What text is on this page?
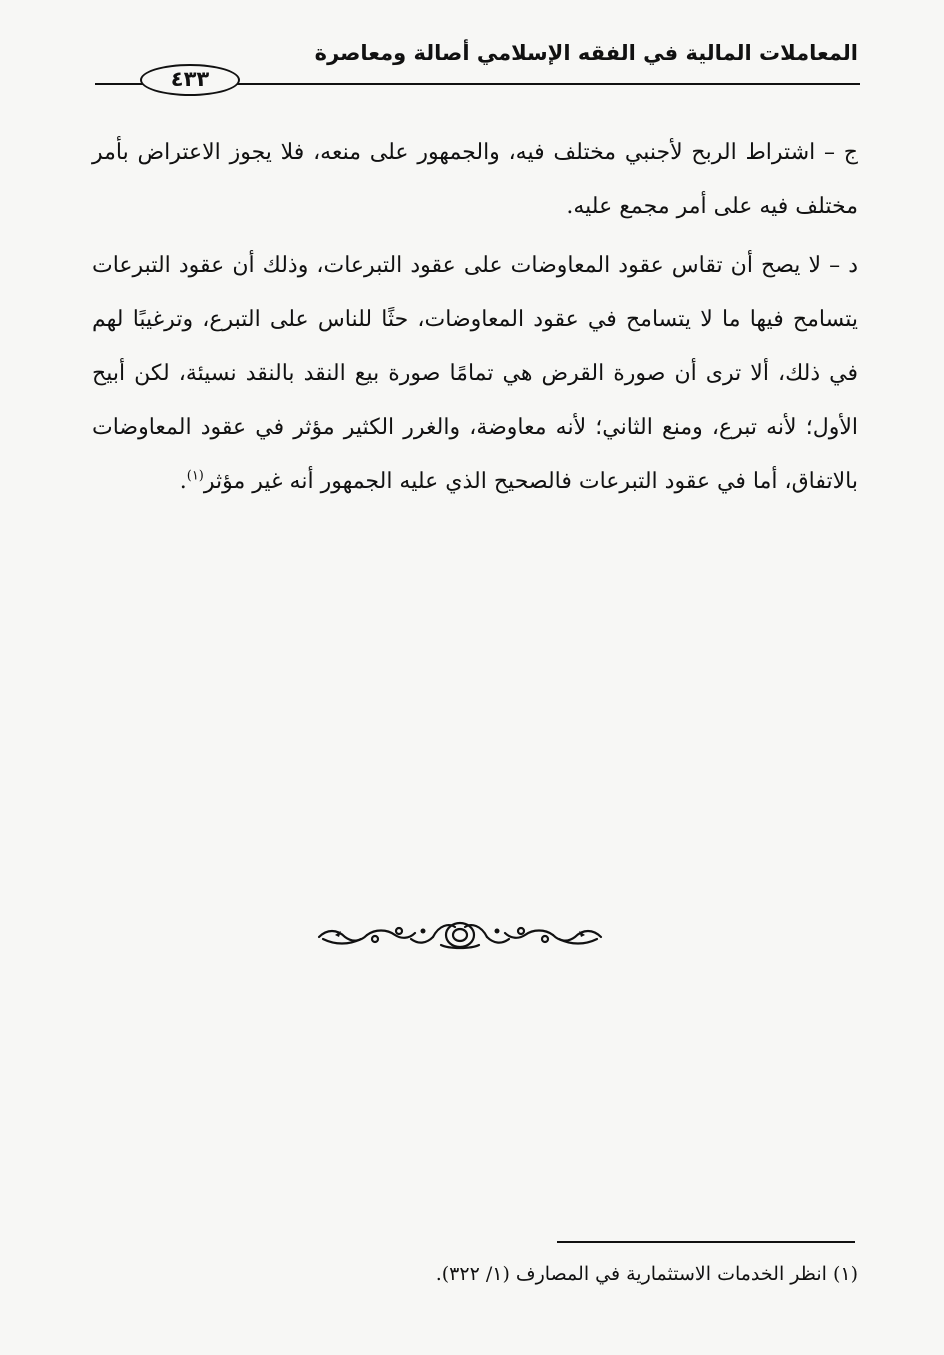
المعاملات المالية في الفقه الإسلامي أصالة ومعاصرة
٤٣٣

ج – اشتراط الربح لأجنبي مختلف فيه، والجمهور على منعه، فلا يجوز الاعتراض بأمر مختلف فيه على أمر مجمع عليه.

د – لا يصح أن تقاس عقود المعاوضات على عقود التبرعات، وذلك أن عقود التبرعات يتسامح فيها ما لا يتسامح في عقود المعاوضات، حثًا للناس على التبرع، وترغيبًا لهم في ذلك، ألا ترى أن صورة القرض هي تمامًا صورة بيع النقد بالنقد نسيئة، لكن أبيح الأول؛ لأنه تبرع، ومنع الثاني؛ لأنه معاوضة، والغرر الكثير مؤثر في عقود المعاوضات بالاتفاق، أما في عقود التبرعات فالصحيح الذي عليه الجمهور أنه غير مؤثر$^{(١)}$.

(١) انظر الخدمات الاستثمارية في المصارف (١/ ٣٢٢).
